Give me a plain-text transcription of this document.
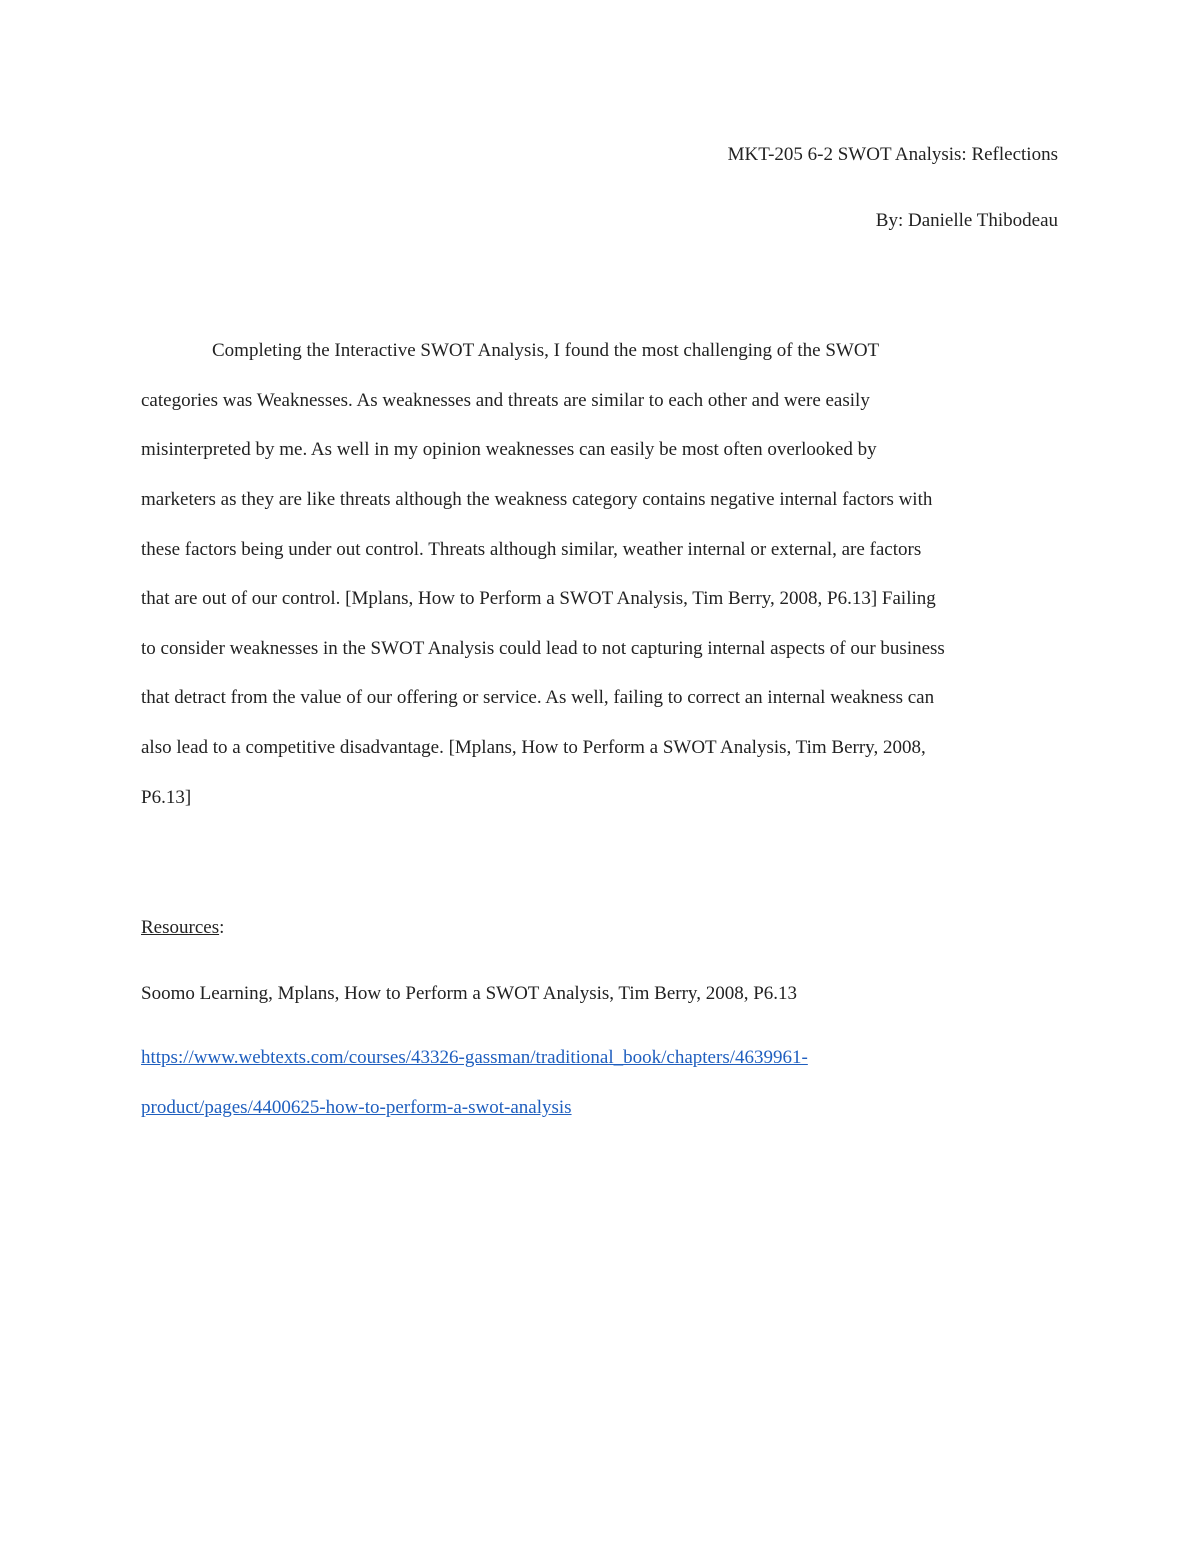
MKT-205 6-2 SWOT Analysis: Reflections
By: Danielle Thibodeau
Completing the Interactive SWOT Analysis, I found the most challenging of the SWOT
categories was Weaknesses. As weaknesses and threats are similar to each other and were easily
misinterpreted by me. As well in my opinion weaknesses can easily be most often overlooked by
marketers as they are like threats although the weakness category contains negative internal factors with
these factors being under out control. Threats although similar, weather internal or external, are factors
that are out of our control. [Mplans, How to Perform a SWOT Analysis, Tim Berry, 2008, P6.13] Failing
to consider weaknesses in the SWOT Analysis could lead to not capturing internal aspects of our business
that detract from the value of our offering or service. As well, failing to correct an internal weakness can
also lead to a competitive disadvantage. [Mplans, How to Perform a SWOT Analysis, Tim Berry, 2008,
P6.13]
Resources:
Soomo Learning, Mplans, How to Perform a SWOT Analysis, Tim Berry, 2008, P6.13
https://www.webtexts.com/courses/43326-gassman/traditional_book/chapters/4639961-
product/pages/4400625-how-to-perform-a-swot-analysis
